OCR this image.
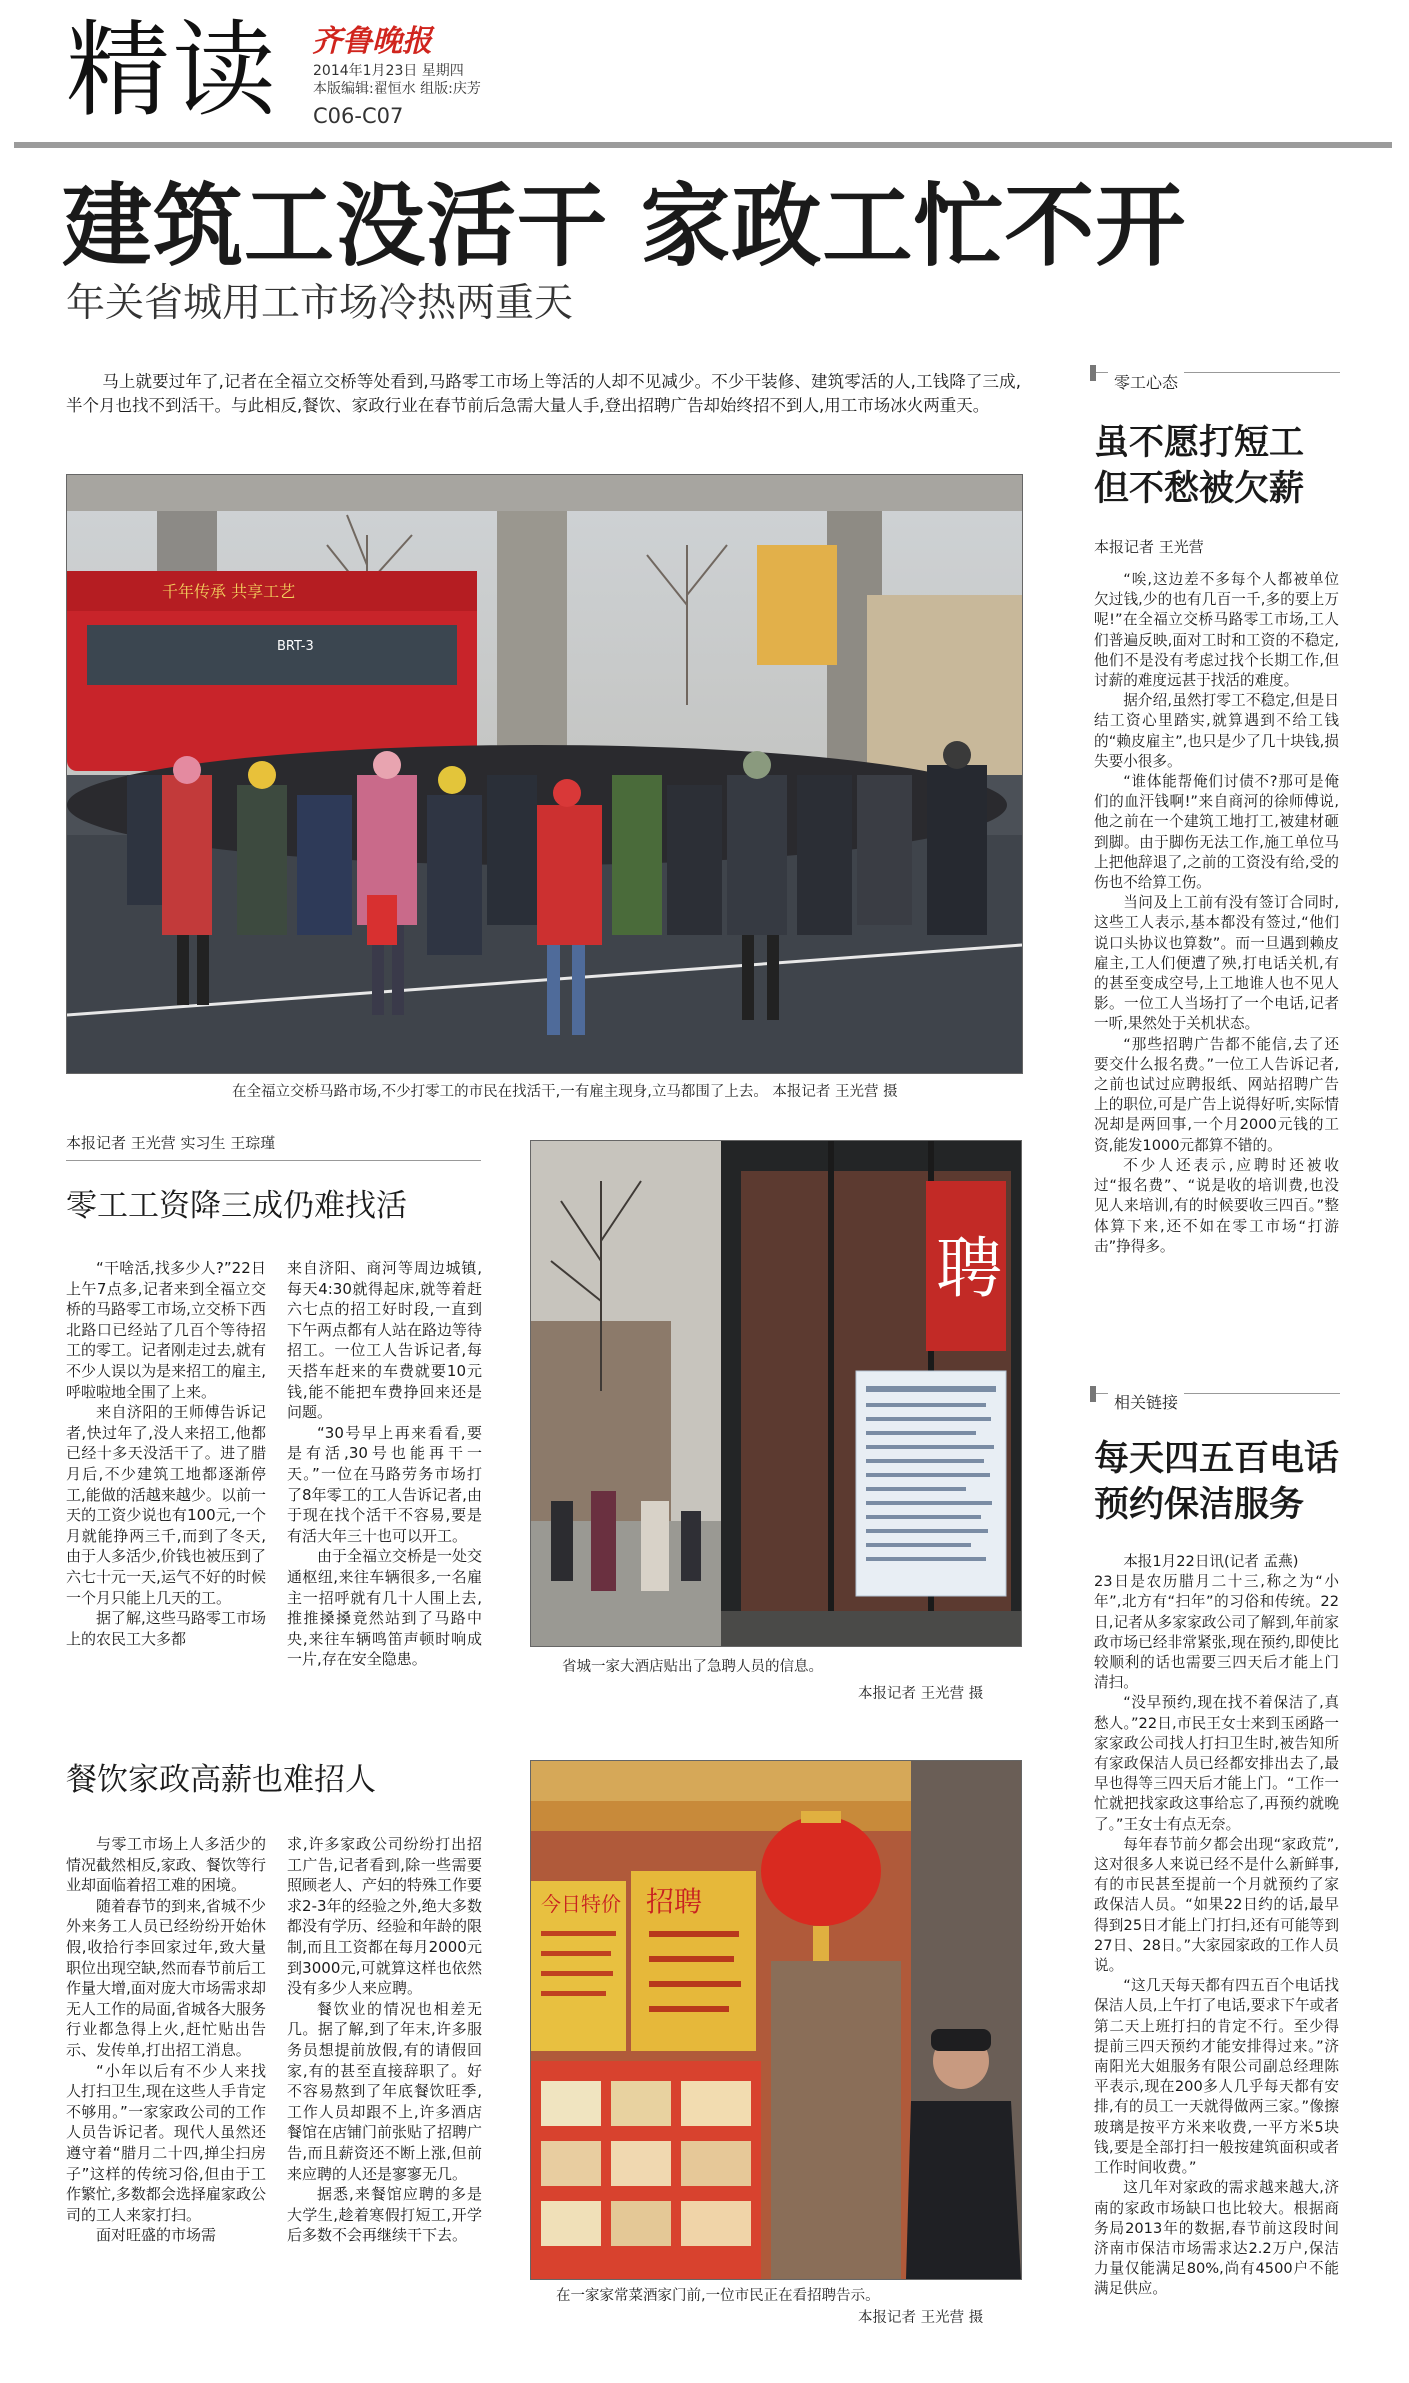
精读 齐鲁晚报
2014年1月23日 星期四
本版编辑:翟恒水 组版:庆芳
C06-C07
建筑工没活干 家政工忙不开
年关省城用工市场冷热两重天
马上就要过年了,记者在全福立交桥等处看到,马路零工市场上等活的人却不见减少。不少干装修、建筑零活的人,工钱降了三成,半个月也找不到活干。与此相反,餐饮、家政行业在春节前后急需大量人手,登出招聘广告却始终招不到人,用工市场冰火两重天。
千年传承 共享工艺
BRT-3
在全福立交桥马路市场,不少打零工的市民在找活干,一有雇主现身,立马都围了上去。 本报记者 王光营 摄
本报记者 王光营 实习生 王琮瑾
零工工资降三成仍难找活

“干啥活,找多少人?”22日上午7点多,记者来到全福立交桥的马路零工市场,立交桥下西北路口已经站了几百个等待招工的零工。记者刚走过去,就有不少人误以为是来招工的雇主,呼啦啦地全围了上来。

来自济阳的王师傅告诉记者,快过年了,没人来招工,他都已经十多天没活干了。进了腊月后,不少建筑工地都逐渐停工,能做的活越来越少。以前一天的工资少说也有100元,一个月就能挣两三千,而到了冬天,由于人多活少,价钱也被压到了六七十元一天,运气不好的时候一个月只能上几天的工。

据了解,这些马路零工市场上的农民工大多都

来自济阳、商河等周边城镇,每天4:30就得起床,就等着赶六七点的招工好时段,一直到下午两点都有人站在路边等待招工。一位工人告诉记者,每天搭车赶来的车费就要10元钱,能不能把车费挣回来还是问题。

“30号早上再来看看,要是有活,30号也能再干一天。”一位在马路劳务市场打了8年零工的工人告诉记者,由于现在找个活干不容易,要是有活大年三十也可以开工。

由于全福立交桥是一处交通枢纽,来往车辆很多,一名雇主一招呼就有几十人围上去,推推搡搡竟然站到了马路中央,来往车辆鸣笛声顿时响成一片,存在安全隐患。

聘
省城一家大酒店贴出了急聘人员的信息。
本报记者 王光营 摄
餐饮家政高薪也难招人

与零工市场上人多活少的情况截然相反,家政、餐饮等行业却面临着招工难的困境。

随着春节的到来,省城不少外来务工人员已经纷纷开始休假,收拾行李回家过年,致大量职位出现空缺,然而春节前后工作量大增,面对庞大市场需求却无人工作的局面,省城各大服务行业都急得上火,赶忙贴出告示、发传单,打出招工消息。

“小年以后有不少人来找人打扫卫生,现在这些人手肯定不够用。”一家家政公司的工作人员告诉记者。现代人虽然还遵守着“腊月二十四,掸尘扫房子”这样的传统习俗,但由于工作繁忙,多数都会选择雇家政公司的工人来家打扫。

面对旺盛的市场需

求,许多家政公司纷纷打出招工广告,记者看到,除一些需要照顾老人、产妇的特殊工作要求2-3年的经验之外,绝大多数都没有学历、经验和年龄的限制,而且工资都在每月2000元到3000元,可就算这样也依然没有多少人来应聘。

餐饮业的情况也相差无几。据了解,到了年末,许多服务员想提前放假,有的请假回家,有的甚至直接辞职了。好不容易熬到了年底餐饮旺季,工作人员却跟不上,许多酒店餐馆在店铺门前张贴了招聘广告,而且薪资还不断上涨,但前来应聘的人还是寥寥无几。

据悉,来餐馆应聘的多是大学生,趁着寒假打短工,开学后多数不会再继续干下去。

今日特价 招聘
在一家家常菜酒家门前,一位市民正在看招聘告示。
本报记者 王光营 摄
零工心态
虽不愿打短工
但不愁被欠薪
本报记者 王光营

“唉,这边差不多每个人都被单位欠过钱,少的也有几百一千,多的要上万呢!”在全福立交桥马路零工市场,工人们普遍反映,面对工时和工资的不稳定,他们不是没有考虑过找个长期工作,但讨薪的难度远甚于找活的难度。

据介绍,虽然打零工不稳定,但是日结工资心里踏实,就算遇到不给工钱的“赖皮雇主”,也只是少了几十块钱,损失要小很多。

“谁体能帮俺们讨债不?那可是俺们的血汗钱啊!”来自商河的徐师傅说,他之前在一个建筑工地打工,被建材砸到脚。由于脚伤无法工作,施工单位马上把他辞退了,之前的工资没有给,受的伤也不给算工伤。

当问及上工前有没有签订合同时,这些工人表示,基本都没有签过,“他们说口头协议也算数”。而一旦遇到赖皮雇主,工人们便遭了殃,打电话关机,有的甚至变成空号,上工地谁人也不见人影。一位工人当场打了一个电话,记者一听,果然处于关机状态。

“那些招聘广告都不能信,去了还要交什么报名费。”一位工人告诉记者,之前也试过应聘报纸、网站招聘广告上的职位,可是广告上说得好听,实际情况却是两回事,一个月2000元钱的工资,能发1000元都算不错的。

不少人还表示,应聘时还被收过“报名费”、“说是收的培训费,也没见人来培训,有的时候要收三四百。”整体算下来,还不如在零工市场“打游击”挣得多。

相关链接
每天四五百电话
预约保洁服务

本报1月22日讯(记者 孟燕)

23日是农历腊月二十三,称之为“小年”,北方有“扫年”的习俗和传统。22日,记者从多家家政公司了解到,年前家政市场已经非常紧张,现在预约,即使比较顺利的话也需要三四天后才能上门清扫。

“没早预约,现在找不着保洁了,真愁人。”22日,市民王女士来到玉函路一家家政公司找人打扫卫生时,被告知所有家政保洁人员已经都安排出去了,最早也得等三四天后才能上门。“工作一忙就把找家政这事给忘了,再预约就晚了。”王女士有点无奈。

每年春节前夕都会出现“家政荒”,这对很多人来说已经不是什么新鲜事,有的市民甚至提前一个月就预约了家政保洁人员。“如果22日约的话,最早得到25日才能上门打扫,还有可能等到27日、28日。”大家园家政的工作人员说。

“这几天每天都有四五百个电话找保洁人员,上午打了电话,要求下午或者第二天上班打扫的肯定不行。至少得提前三四天预约才能安排得过来。”济南阳光大姐服务有限公司副总经理陈平表示,现在200多人几乎每天都有安排,有的员工一天就得做两三家。”像擦玻璃是按平方米来收费,一平方米5块钱,要是全部打扫一般按建筑面积或者工作时间收费。”

这几年对家政的需求越来越大,济南的家政市场缺口也比较大。根据商务局2013年的数据,春节前这段时间济南市保洁市场需求达2.2万户,保洁力量仅能满足80%,尚有4500户不能满足供应。
